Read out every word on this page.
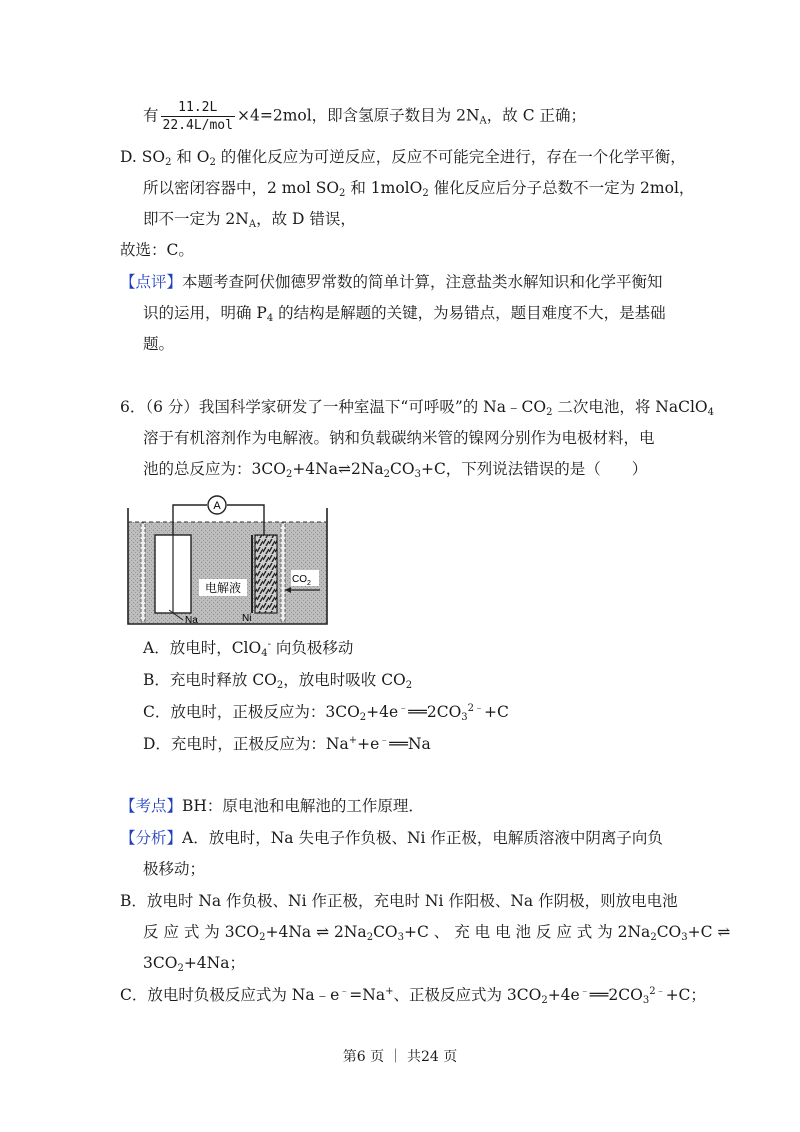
有 $\frac{11.2L}{\text{22.4L/mol}} \times 4=2mol$，即含氢原子数目为 $2N_A$，故 C 正确；
D. $SO_2$ 和 $O_2$ 的催化反应为可逆反应，反应不可能完全进行，存在一个化学平衡，
所以密闭容器中，2 mol $SO_2$ 和 1molO$_2$ 催化反应后分子总数不一定为 2mol，
即不一定为 $2N_A$，故 D 错误，
故选：C。
【点评】本题考查阿伏伽德罗常数的简单计算，注意盐类水解知识和化学平衡知
识的运用，明确 $P_4$ 的结构是解题的关键，为易错点，题目难度不大，是基础
题。
6．（6 分）我国科学家研发了一种室温下“可呼吸”的 $Na﹣CO_2$ 二次电池，将 NaClO$_4$
溶于有机溶剂作为电解液。钠和负载碳纳米管的镍网分别作为电极材料，电
池的总反应为：$3CO_2+4Na\rightleftharpoons 2Na_2CO_3+C$，下列说法错误的是（　　）
A
电解液
Na	Ni
$CO_2$
A．放电时，ClO$_4$- 向负极移动
B．充电时释放 $CO_2$，放电时吸收 $CO_2$
C．放电时，正极反应为：$3CO_2+4e^﹣══2CO_3^{2﹣}+C$
D．充电时，正极反应为：Na++e﹣══Na
【考点】BH：原电池和电解池的工作原理．
【分析】A．放电时，Na 失电子作负极、Ni 作正极，电解质溶液中阴离子向负
极移动；
B．放电时 Na 作负极、Ni 作正极，充电时 Ni 作阳极、Na 作阴极，则放电电池
反 应 式 为 $3CO_2+4Na$ ⇌ $2Na_2CO_3+C$ 、 充 电 电 池 反 应 式 为 $2Na_2CO_3+C$ ⇌
$3CO_2+4Na$；
C．放电时负极反应式为 Na﹣e﹣=Na+、正极反应式为 $3CO_2+4e^﹣══2CO_3^{2﹣}+C$；
第6 页 ｜ 共24 页
